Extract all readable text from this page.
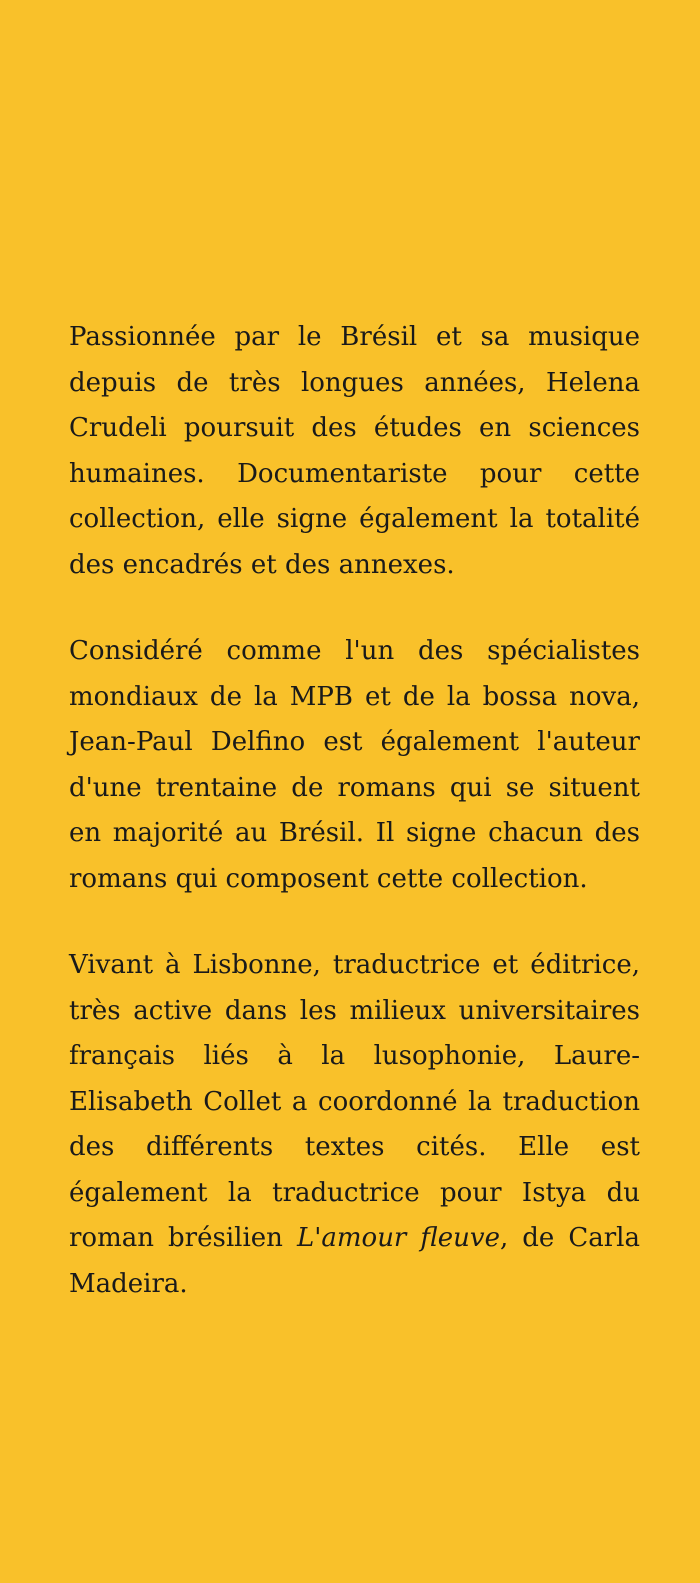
Passionnée par le Brésil et sa musique depuis de très longues années, Helena Crudeli poursuit des études en sciences humaines. Documentariste pour cette collection, elle signe également la totalité des encadrés et des annexes.

Considéré comme l'un des spécialistes mondiaux de la MPB et de la bossa nova, Jean-Paul Delfino est également l'auteur d'une trentaine de romans qui se situent en majorité au Brésil. Il signe chacun des romans qui composent cette collection.

Vivant à Lisbonne, traductrice et éditrice, très active dans les milieux universitaires français liés à la lusophonie, Laure-Elisabeth Collet a coordonné la traduction des différents textes cités. Elle est également la traductrice pour Istya du roman brésilien L'amour fleuve, de Carla Madeira.
